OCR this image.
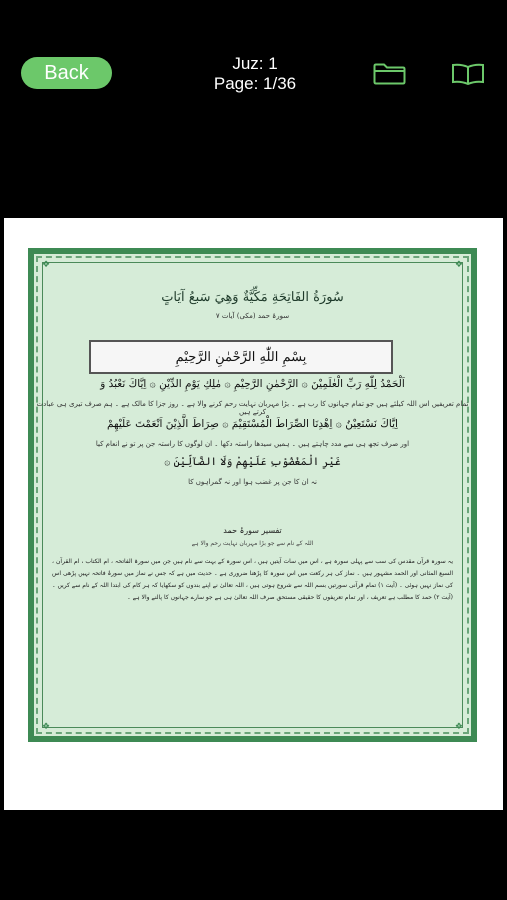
Back	Juz: 1
Page: 1/36
❖	❖
❖	❖
سُورَةُ الفَاتِحَةِ مَكِّيَّةٌ وَهِيَ سَبعُ آيَاتٍ
سورۂ حمد (مکی) آیات ۷
بِسْمِ اللّٰهِ الرَّحْمٰنِ الرَّحِيْمِ
اَلْحَمْدُ لِلّٰهِ رَبِّ الْعٰلَمِيْنَ ۞ الرَّحْمٰنِ الرَّحِيْمِ ۞ مٰلِكِ يَوْمِ الدِّيْنِ ۞ اِيَّاكَ نَعْبُدُ وَ
تمام تعریفیں اس اللہ کیلئے ہیں جو تمام جہانوں کا رب ہے ۔ بڑا مہربان نہایت رحم کرنے والا ہے ۔ روز جزا کا مالک ہے ۔ ہم صرف تیری ہی عبادت کرتے ہیں
اِيَّاكَ نَسْتَعِيْنُ ۞ اِهْدِنَا الصِّرَاطَ الْمُسْتَقِيْمَ ۞ صِرَاطَ الَّذِيْنَ اَنْعَمْتَ عَلَيْهِمْ
اور صرف تجھ ہی سے مدد چاہتے ہیں ۔ ہمیں سیدھا راستہ دکھا ۔ ان لوگوں کا راستہ جن پر تو نے انعام کیا
غَيْرِ الْمَغْضُوْبِ عَلَيْهِمْ وَلَا الضَّآلِّيْنَ ۞
نہ ان کا جن پر غضب ہوا اور نہ گمراہوں کا
تفسیر سورۂ حمد
اللہ کے نام سے جو بڑا مہربان نہایت رحم والا ہے
یہ سورہ قرآن مقدس کی سب سے پہلی سورہ ہے ، اس میں سات آیتیں ہیں ، اس سورہ کے بہت سے نام ہیں جن میں سورۃ الفاتحہ ، ام الکتاب ، ام القرآن ، السبع المثانی اور الحمد مشہور ہیں ۔ نماز کی ہر رکعت میں اس سورہ کا پڑھنا ضروری ہے ۔ حدیث میں ہے کہ جس نے نماز میں سورۂ فاتحہ نہیں پڑھی اس کی نماز نہیں ہوئی ۔ (آیت ۱) تمام قرآنی سورتیں بسم اللہ سے شروع ہوتی ہیں ، اللہ تعالیٰ نے اپنے بندوں کو سکھایا کہ ہر کام کی ابتدا اللہ کے نام سے کریں ۔ (آیت ۲) حمد کا مطلب ہے تعریف ، اور تمام تعریفوں کا حقیقی مستحق صرف اللہ تعالیٰ ہی ہے جو سارے جہانوں کا پالنے والا ہے ۔
